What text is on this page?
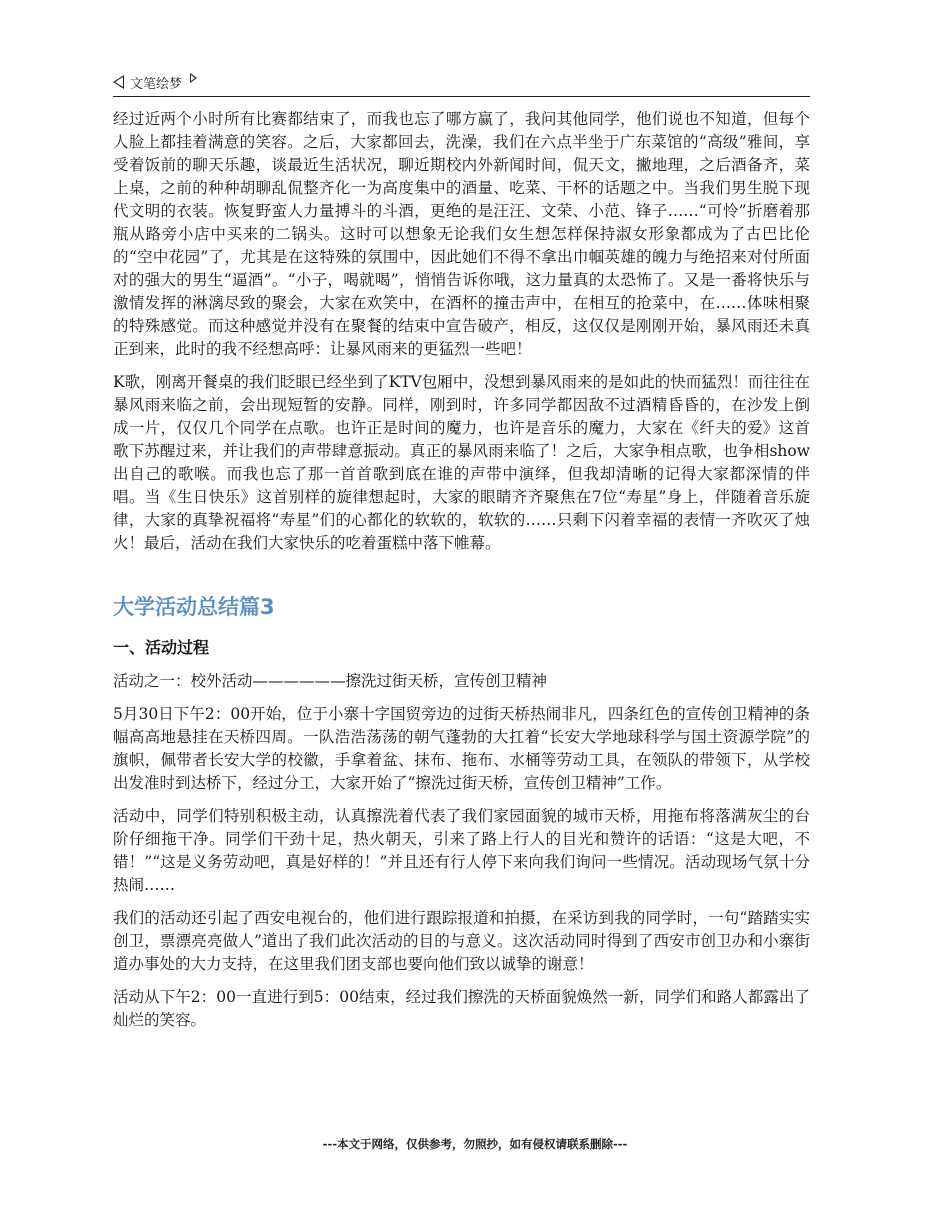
文笔绘梦

经过近两个小时所有比赛都结束了，而我也忘了哪方赢了，我问其他同学，他们说也不知道，但每个人脸上都挂着满意的笑容。之后，大家都回去，洗澡，我们在六点半坐于广东菜馆的“高级”雅间，享受着饭前的聊天乐趣，谈最近生活状况，聊近期校内外新闻时间，侃天文，撇地理，之后酒备齐，菜上桌，之前的种种胡聊乱侃整齐化一为高度集中的酒量、吃菜、干杯的话题之中。当我们男生脱下现代文明的衣装。恢复野蛮人力量搏斗的斗酒，更绝的是汪汪、文荣、小范、锋子……“可怜”折磨着那瓶从路旁小店中买来的二锅头。这时可以想象无论我们女生想怎样保持淑女形象都成为了古巴比伦的“空中花园”了，尤其是在这特殊的氛围中，因此她们不得不拿出巾帼英雄的魄力与绝招来对付所面对的强大的男生“逼酒”。“小子，喝就喝”，悄悄告诉你哦，这力量真的太恐怖了。又是一番将快乐与激情发挥的淋漓尽致的聚会，大家在欢笑中，在酒杯的撞击声中，在相互的抢菜中，在……体味相聚的特殊感觉。而这种感觉并没有在聚餐的结束中宣告破产，相反，这仅仅是刚刚开始，暴风雨还未真正到来，此时的我不经想高呼：让暴风雨来的更猛烈一些吧！

K歌，刚离开餐桌的我们眨眼已经坐到了KTV包厢中，没想到暴风雨来的是如此的快而猛烈！而往往在暴风雨来临之前，会出现短暂的安静。同样，刚到时，许多同学都因敌不过酒精昏昏的，在沙发上倒成一片，仅仅几个同学在点歌。也许正是时间的魔力，也许是音乐的魔力，大家在《纤夫的爱》这首歌下苏醒过来，并让我们的声带肆意振动。真正的暴风雨来临了！之后，大家争相点歌，也争相show出自己的歌喉。而我也忘了那一首首歌到底在谁的声带中演绎，但我却清晰的记得大家都深情的伴唱。当《生日快乐》这首别样的旋律想起时，大家的眼睛齐齐聚焦在7位“寿星”身上，伴随着音乐旋律，大家的真挚祝福将“寿星”们的心都化的软软的，软软的……只剩下闪着幸福的表情一齐吹灭了烛火！最后，活动在我们大家快乐的吃着蛋糕中落下帷幕。

大学活动总结篇3
一、活动过程

活动之一：校外活动——————擦洗过街天桥，宣传创卫精神

5月30日下午2：00开始，位于小寨十字国贸旁边的过街天桥热闹非凡，四条红色的宣传创卫精神的条幅高高地悬挂在天桥四周。一队浩浩荡荡的朝气蓬勃的大扛着“长安大学地球科学与国土资源学院”的旗帜，佩带者长安大学的校徽，手拿着盆、抹布、拖布、水桶等劳动工具，在领队的带领下，从学校出发准时到达桥下，经过分工，大家开始了“擦洗过街天桥，宣传创卫精神”工作。

活动中，同学们特别积极主动，认真擦洗着代表了我们家园面貌的城市天桥，用拖布将落满灰尘的台阶仔细拖干净。同学们干劲十足，热火朝天，引来了路上行人的目光和赞许的话语：“这是大吧，不错！”“这是义务劳动吧，真是好样的！”并且还有行人停下来向我们询问一些情况。活动现场气氛十分热闹……

我们的活动还引起了西安电视台的，他们进行跟踪报道和拍摄，在采访到我的同学时，一句“踏踏实实创卫，票漂亮亮做人”道出了我们此次活动的目的与意义。这次活动同时得到了西安市创卫办和小寨街道办事处的大力支持，在这里我们团支部也要向他们致以诚挚的谢意！

活动从下午2：00一直进行到5：00结束，经过我们擦洗的天桥面貌焕然一新，同学们和路人都露出了灿烂的笑容。

---本文于网络，仅供参考，勿照抄，如有侵权请联系删除---
